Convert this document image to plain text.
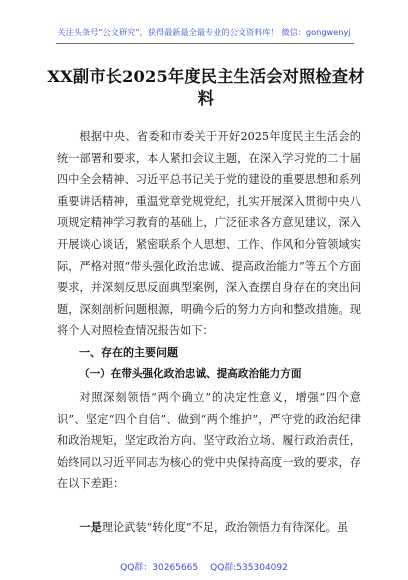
关注头条号“公文研究”，获得最新最全最专业的公文资料库！ 微信：gongwenyj
XX副市长2025年度民主生活会对照检查材料
根据中央、省委和市委关于开好2025年度民主生活会的统一部署和要求，本人紧扣会议主题，在深入学习党的二十届四中全会精神、习近平总书记关于党的建设的重要思想和系列重要讲话精神，重温党章党规党纪，扎实开展深入贯彻中央八项规定精神学习教育的基础上，广泛征求各方意见建议，深入开展谈心谈话，紧密联系个人思想、工作、作风和分管领域实际，严格对照“带头强化政治忠诚、提高政治能力”等五个方面要求，并深刻反思反面典型案例，深入查摆自身存在的突出问题，深刻剖析问题根源，明确今后的努力方向和整改措施。现将个人对照检查情况报告如下：
一、存在的主要问题
（一）在带头强化政治忠诚、提高政治能力方面
对照深刻领悟“两个确立”的决定性意义，增强“四个意识”、坚定“四个自信”、做到“两个维护”，严守党的政治纪律和政治规矩，坚定政治方向、坚守政治立场、履行政治责任，始终同以习近平同志为核心的党中央保持高度一致的要求，存在以下差距：
一是理论武装“转化度”不足，政治领悟力有待深化。虽
QQ群：30265665 QQ群:535304092
